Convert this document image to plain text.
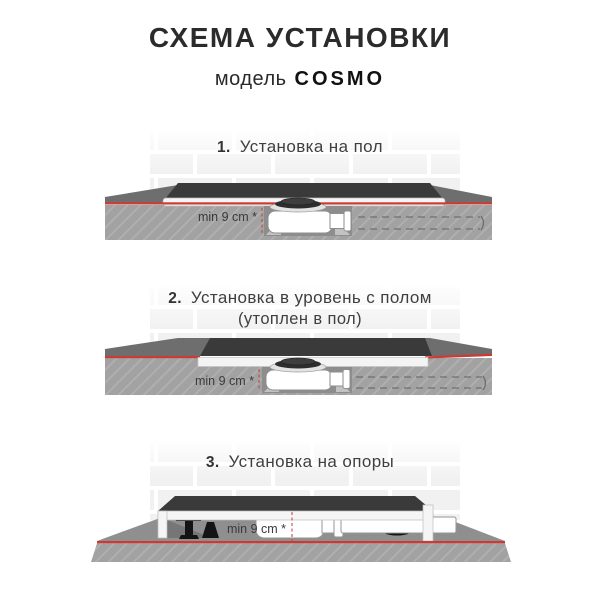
СХЕМА УСТАНОВКИ
модель COSMO
min 9 cm *
1. Установка на пол
min 9 cm *
2. Установка в уровень с полом
(утоплен в пол)
min 9 cm *
3. Установка на опоры
